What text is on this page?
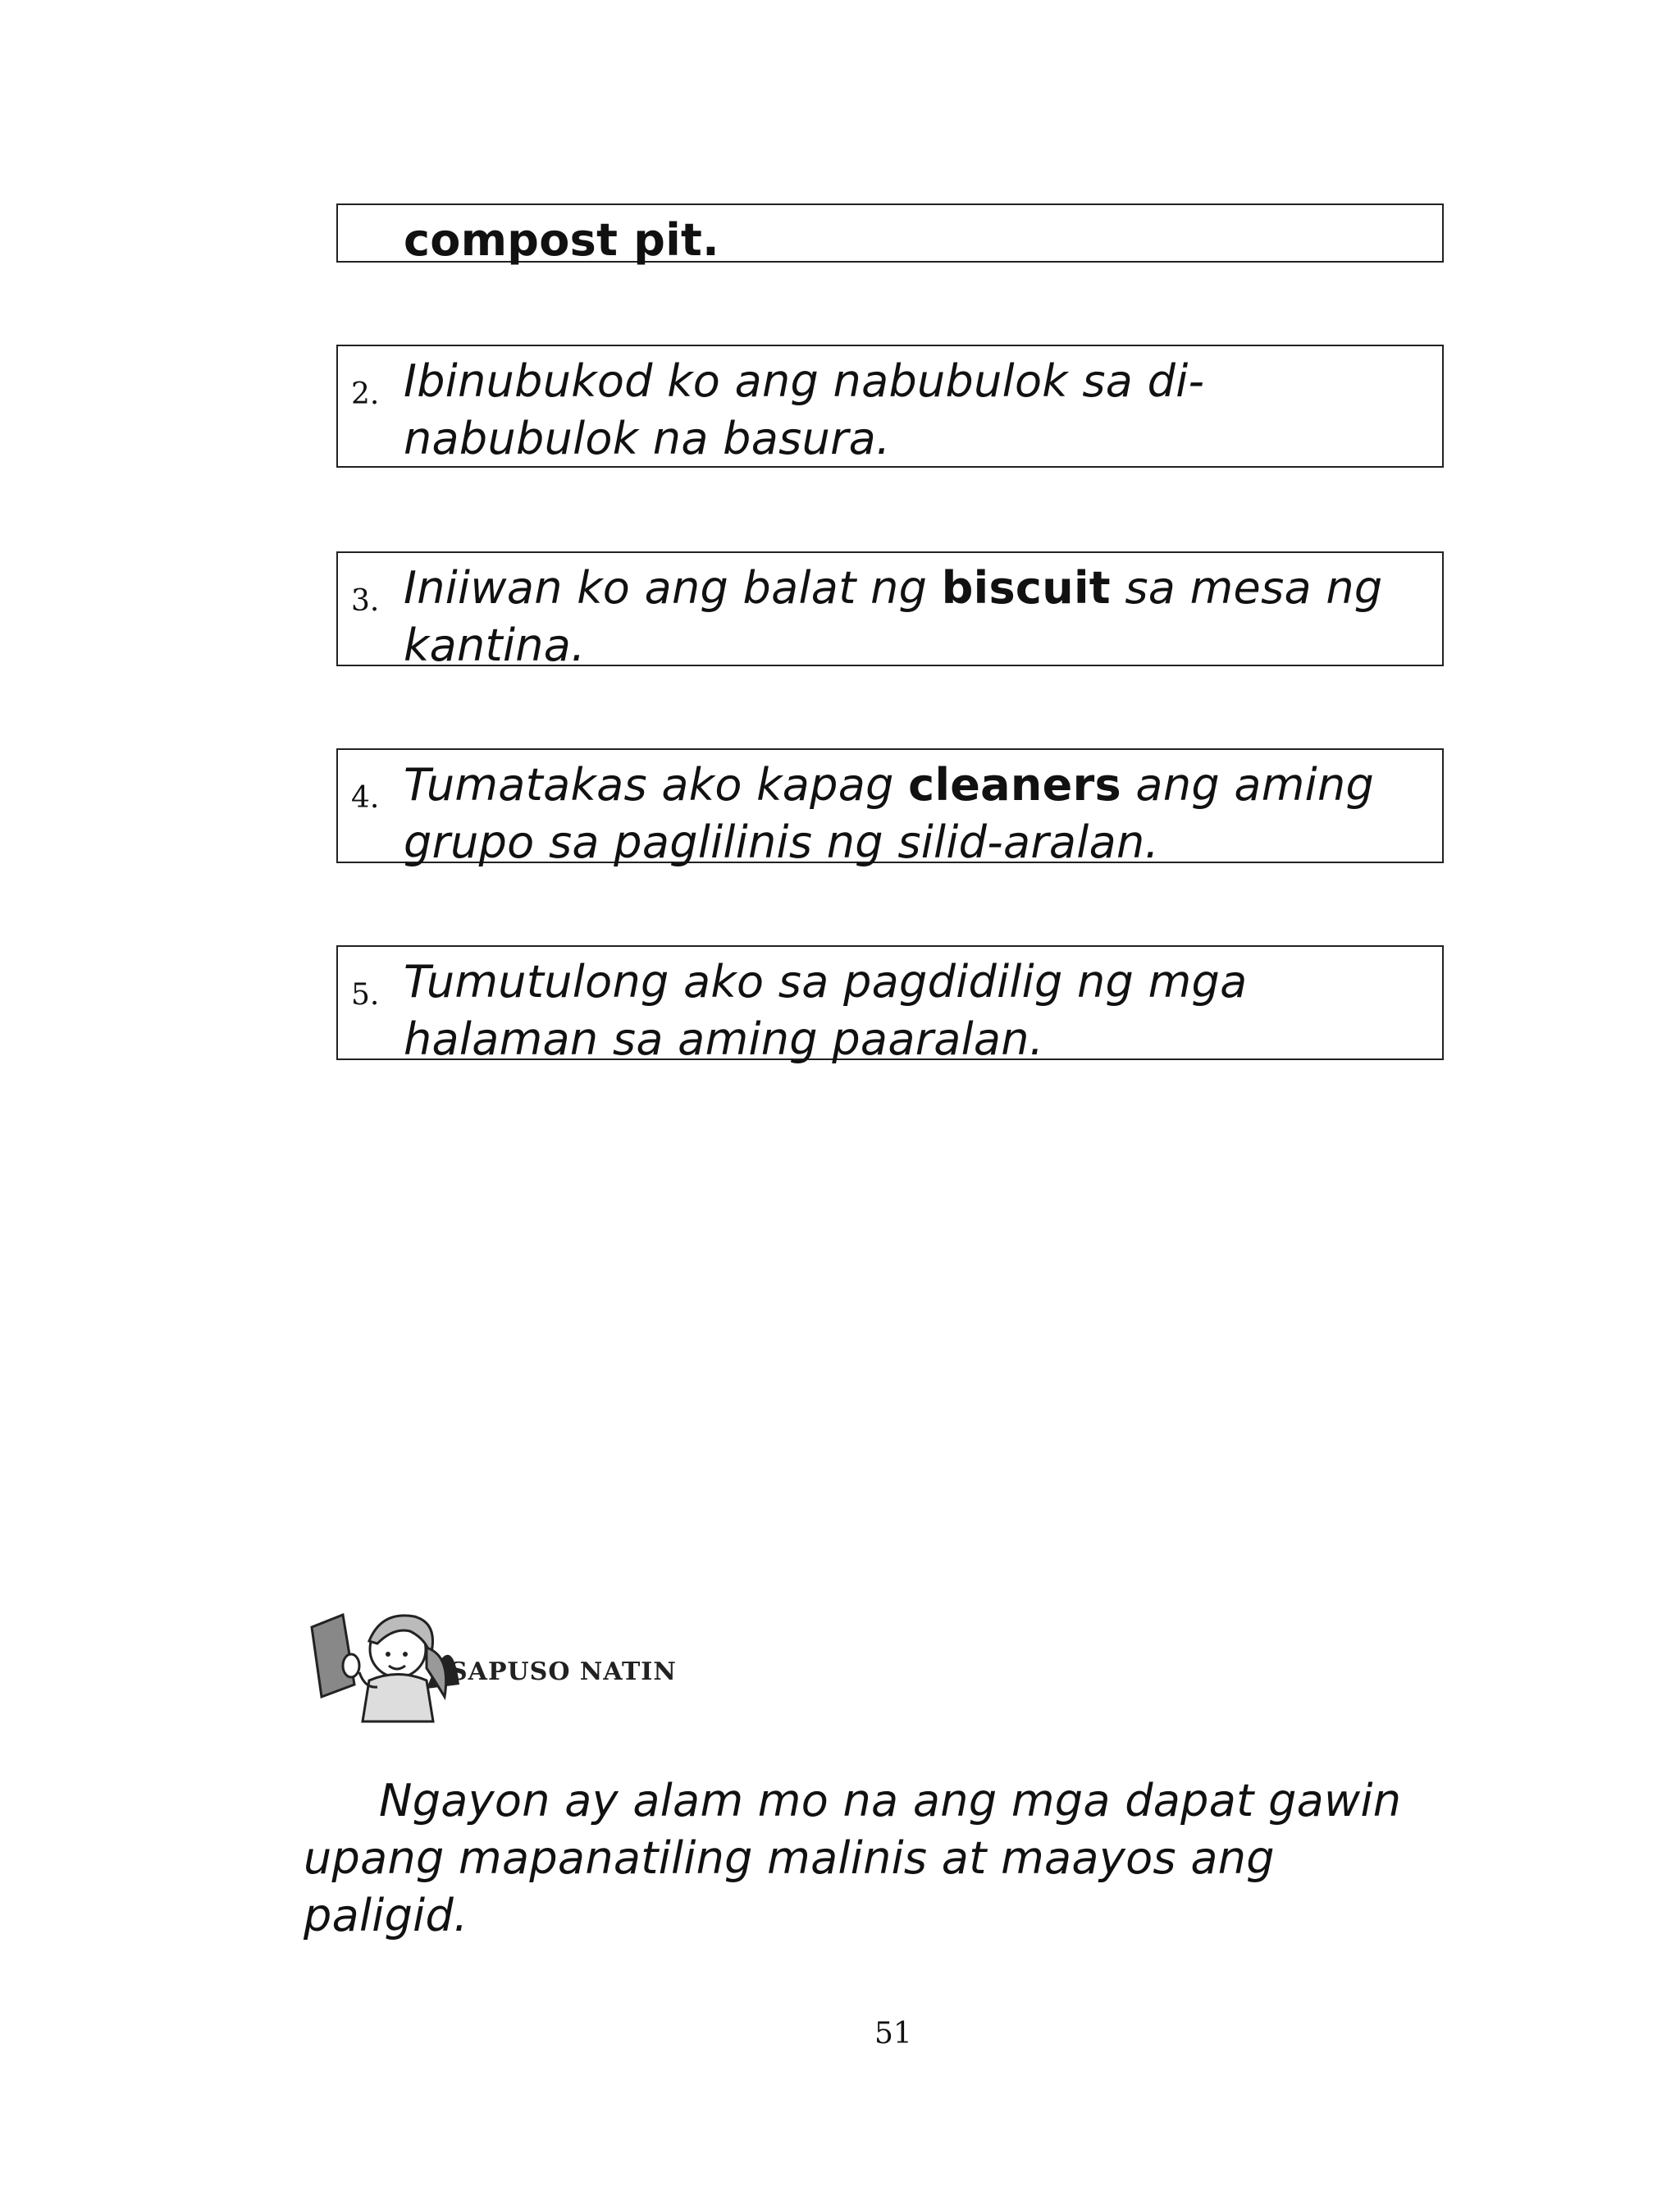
compost pit.
2. Ibinubukod ko ang nabubulok sa di-
nabubulok na basura.
3. Iniiwan ko ang balat ng biscuit sa mesa ng
kantina.
4. Tumatakas ako kapag cleaners ang aming
grupo sa paglilinis ng silid-aralan.
5. Tumutulong ako sa pagdidilig ng mga
halaman sa aming paaralan.
SAPUSO NATIN
Ngayon ay alam mo na ang mga dapat gawin
upang mapanatiling malinis at maayos ang paligid.
51
